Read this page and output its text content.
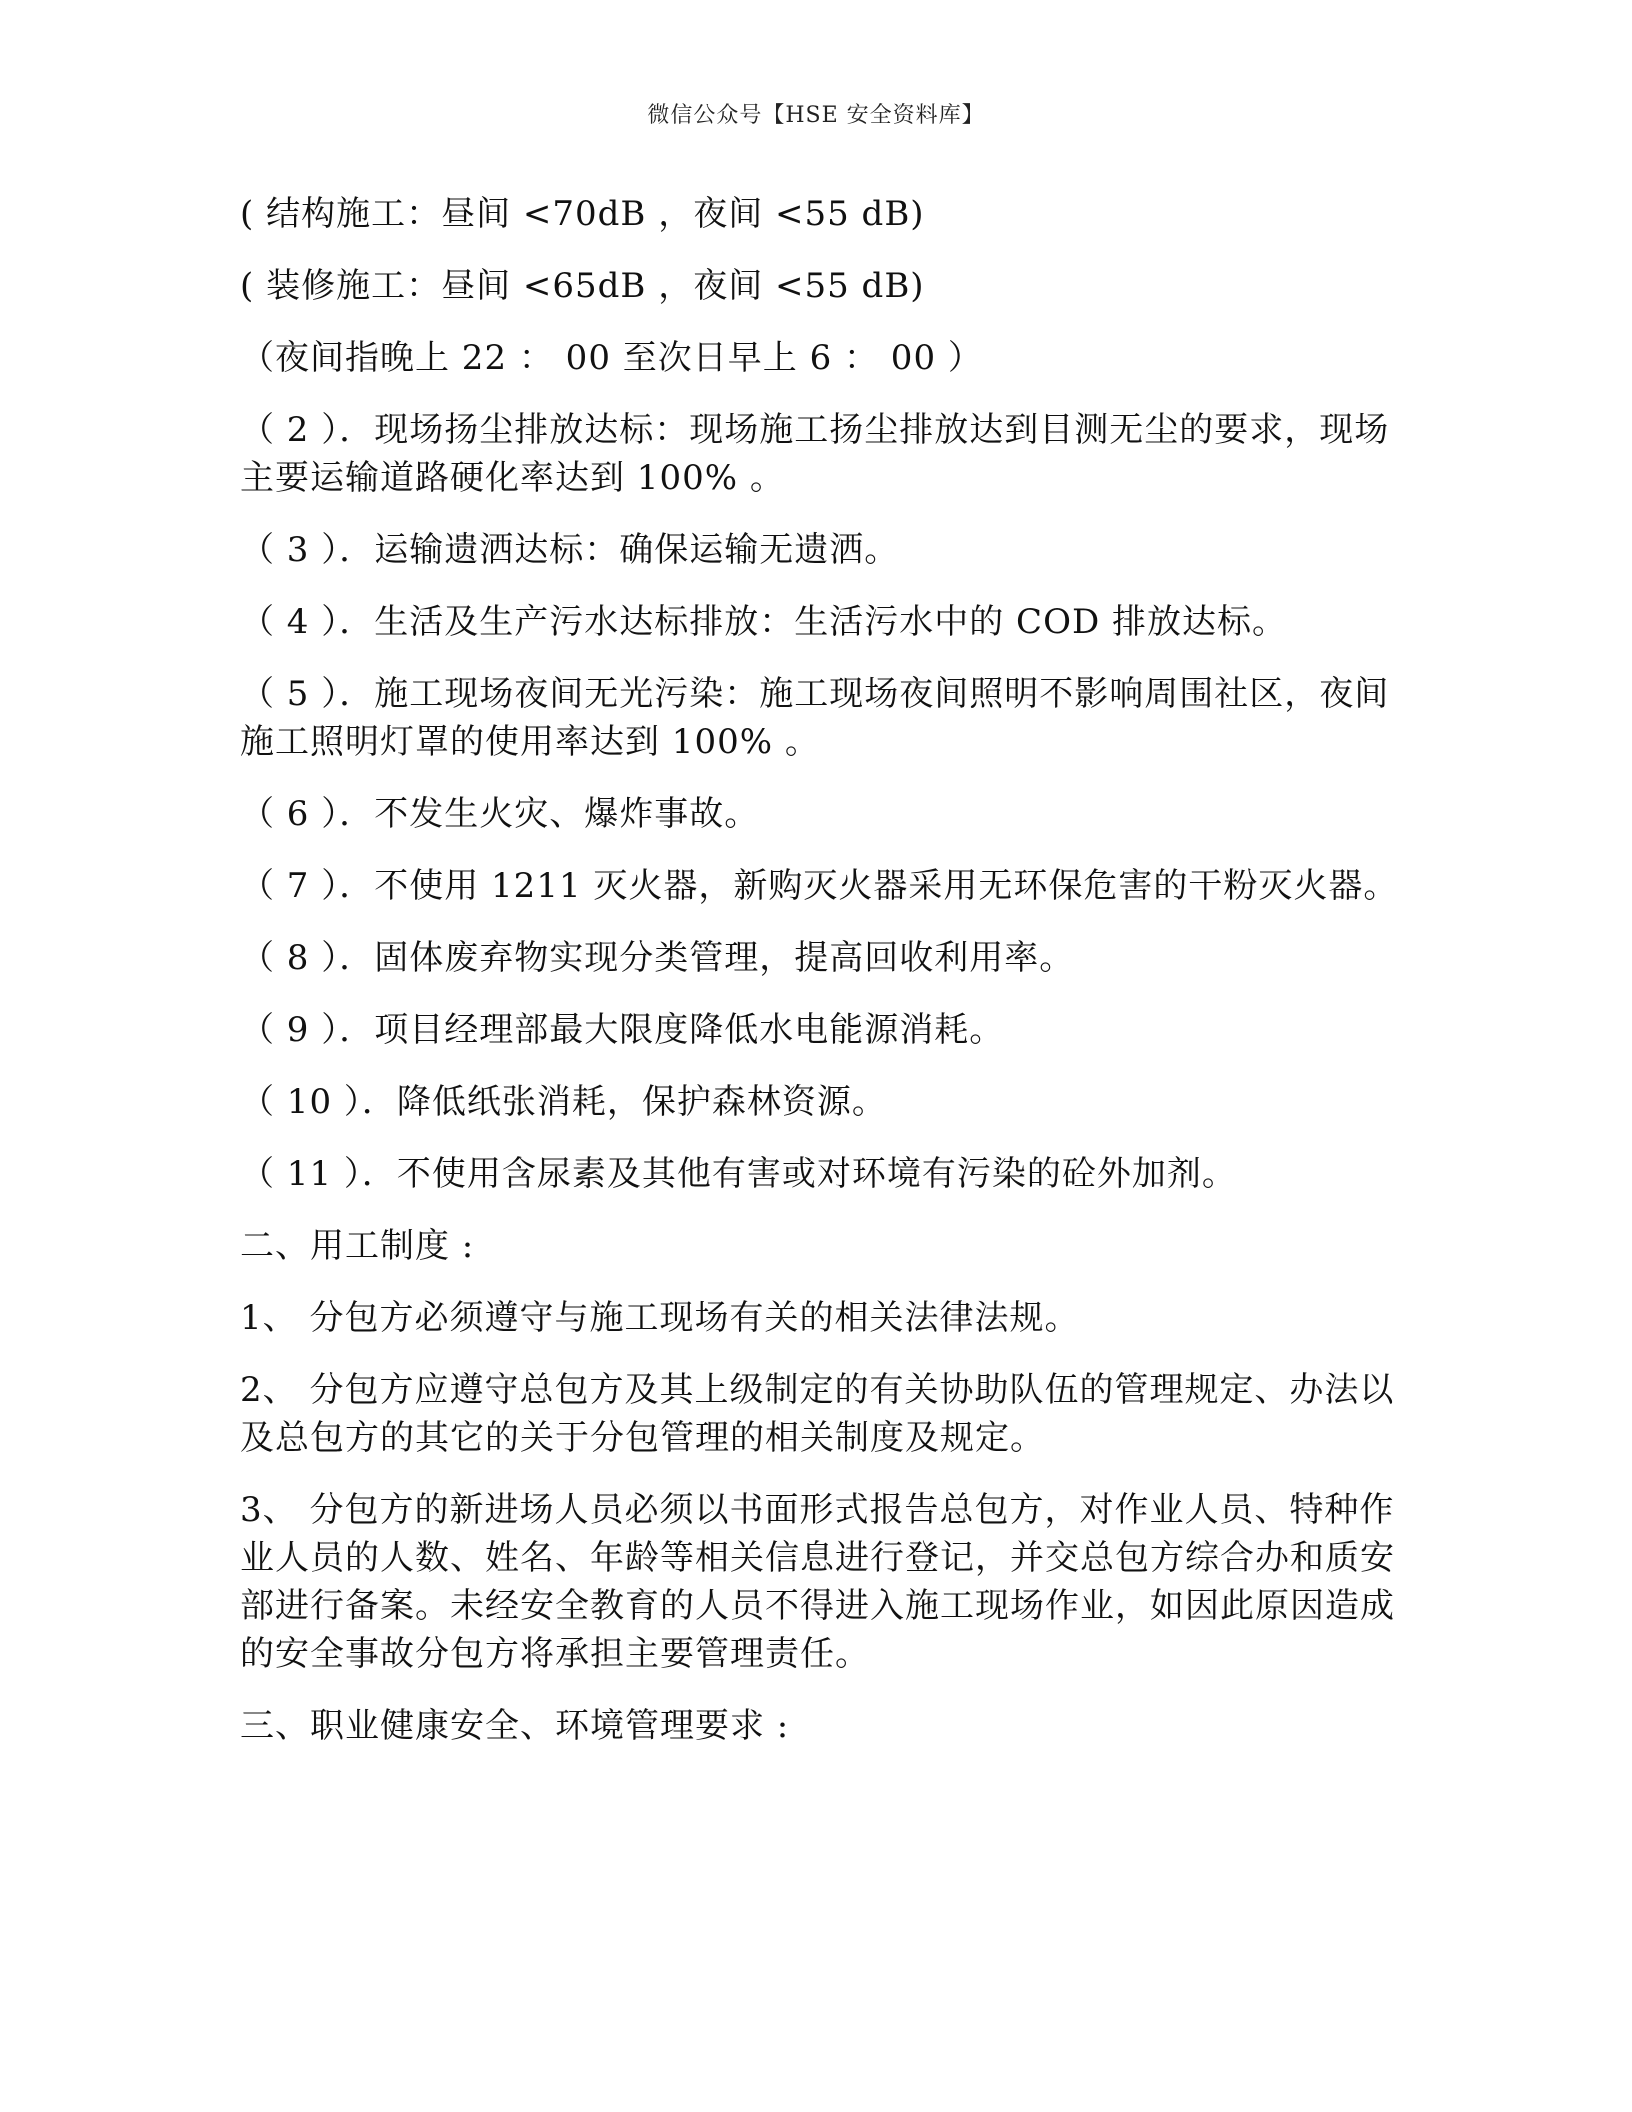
微信公众号【HSE 安全资料库】

( 结构施工：昼间 <70dB ，夜间 <55 dB)

( 装修施工：昼间 <65dB ，夜间 <55 dB)

（夜间指晚上 22 ： 00 至次日早上 6 ： 00 ）

（ 2 ）．现场扬尘排放达标：现场施工扬尘排放达到目测无尘的要求，现场主要运输道路硬化率达到 100% 。

（ 3 ）．运输遗洒达标：确保运输无遗洒。

（ 4 ）．生活及生产污水达标排放：生活污水中的 COD 排放达标。

（ 5 ）．施工现场夜间无光污染：施工现场夜间照明不影响周围社区，夜间施工照明灯罩的使用率达到 100% 。

（ 6 ）．不发生火灾、爆炸事故。

（ 7 ）．不使用 1211 灭火器，新购灭火器采用无环保危害的干粉灭火器。

（ 8 ）．固体废弃物实现分类管理，提高回收利用率。

（ 9 ）．项目经理部最大限度降低水电能源消耗。

（ 10 ）．降低纸张消耗，保护森林资源。

（ 11 ）．不使用含尿素及其他有害或对环境有污染的砼外加剂。

二、用工制度 :

1、 分包方必须遵守与施工现场有关的相关法律法规。

2、 分包方应遵守总包方及其上级制定的有关协助队伍的管理规定、办法以及总包方的其它的关于分包管理的相关制度及规定。

3、 分包方的新进场人员必须以书面形式报告总包方，对作业人员、特种作业人员的人数、姓名、年龄等相关信息进行登记，并交总包方综合办和质安部进行备案。未经安全教育的人员不得进入施工现场作业，如因此原因造成的安全事故分包方将承担主要管理责任。

三、职业健康安全、环境管理要求 :
